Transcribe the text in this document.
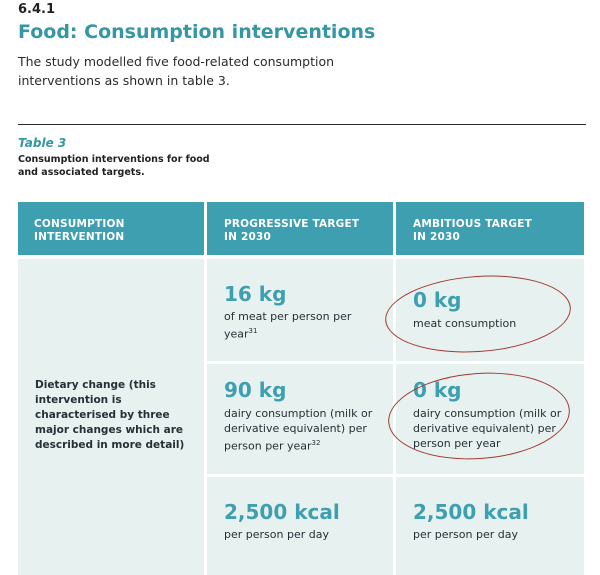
6.4.1
Food: Consumption interventions
The study modelled five food-related consumption interventions as shown in table 3.
Table 3
Consumption interventions for food and associated targets.
CONSUMPTION
INTERVENTION
PROGRESSIVE TARGET
IN 2030
AMBITIOUS TARGET
IN 2030
Dietary change (this intervention is characterised by three major changes which are described in more detail)
16 kg
of meat per person per year$^{31}$
0 kg
meat consumption
90 kg
dairy consumption (milk or derivative equivalent) per person per year$^{32}$
0 kg
dairy consumption (milk or derivative equivalent) per person per year
2,500 kcal
per person per day
2,500 kcal
per person per day
